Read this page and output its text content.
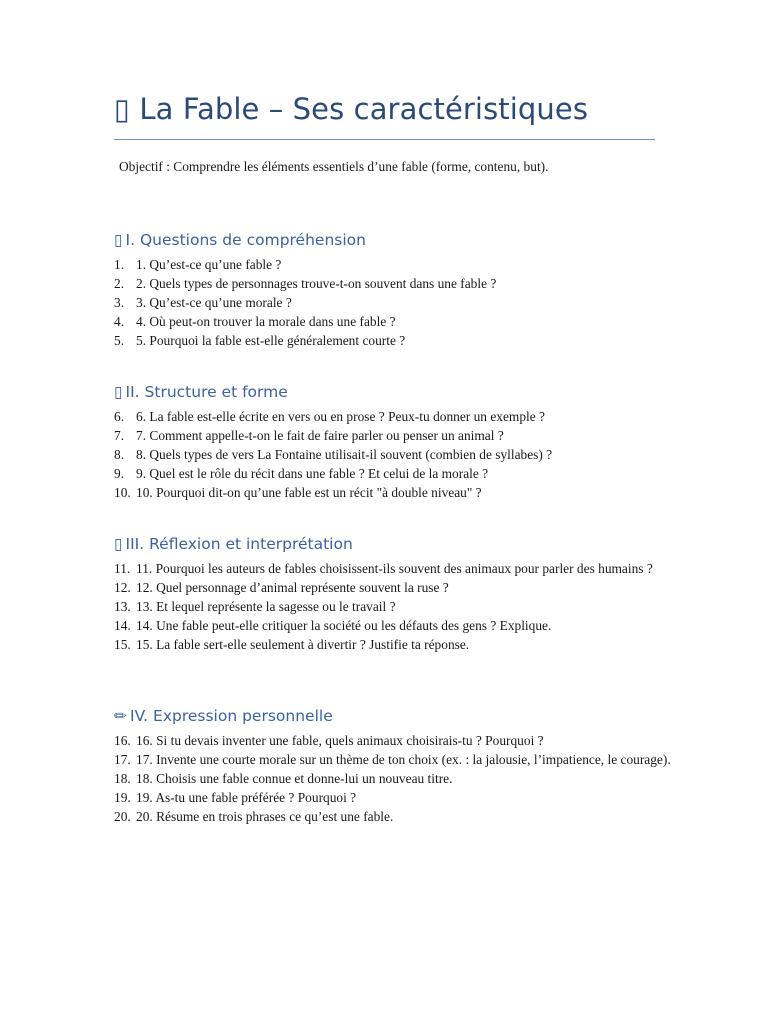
▯ La Fable – Ses caractéristiques
Objectif : Comprendre les éléments essentiels d’une fable (forme, contenu, but).
▯ I. Questions de compréhension
1. 1. Qu’est-ce qu’une fable ?
2. 2. Quels types de personnages trouve-t-on souvent dans une fable ?
3. 3. Qu’est-ce qu’une morale ?
4. 4. Où peut-on trouver la morale dans une fable ?
5. 5. Pourquoi la fable est-elle généralement courte ?
▯ II. Structure et forme
6. 6. La fable est-elle écrite en vers ou en prose ? Peux-tu donner un exemple ?
7. 7. Comment appelle-t-on le fait de faire parler ou penser un animal ?
8. 8. Quels types de vers La Fontaine utilisait-il souvent (combien de syllabes) ?
9. 9. Quel est le rôle du récit dans une fable ? Et celui de la morale ?
10. 10. Pourquoi dit-on qu’une fable est un récit "à double niveau" ?
▯ III. Réflexion et interprétation
11. 11. Pourquoi les auteurs de fables choisissent-ils souvent des animaux pour parler des humains ?
12. 12. Quel personnage d’animal représente souvent la ruse ?
13. 13. Et lequel représente la sagesse ou le travail ?
14. 14. Une fable peut-elle critiquer la société ou les défauts des gens ? Explique.
15. 15. La fable sert-elle seulement à divertir ? Justifie ta réponse.
✏ IV. Expression personnelle
16. 16. Si tu devais inventer une fable, quels animaux choisirais-tu ? Pourquoi ?
17. 17. Invente une courte morale sur un thème de ton choix (ex. : la jalousie, l’impatience, le courage).
18. 18. Choisis une fable connue et donne-lui un nouveau titre.
19. 19. As-tu une fable préférée ? Pourquoi ?
20. 20. Résume en trois phrases ce qu’est une fable.
